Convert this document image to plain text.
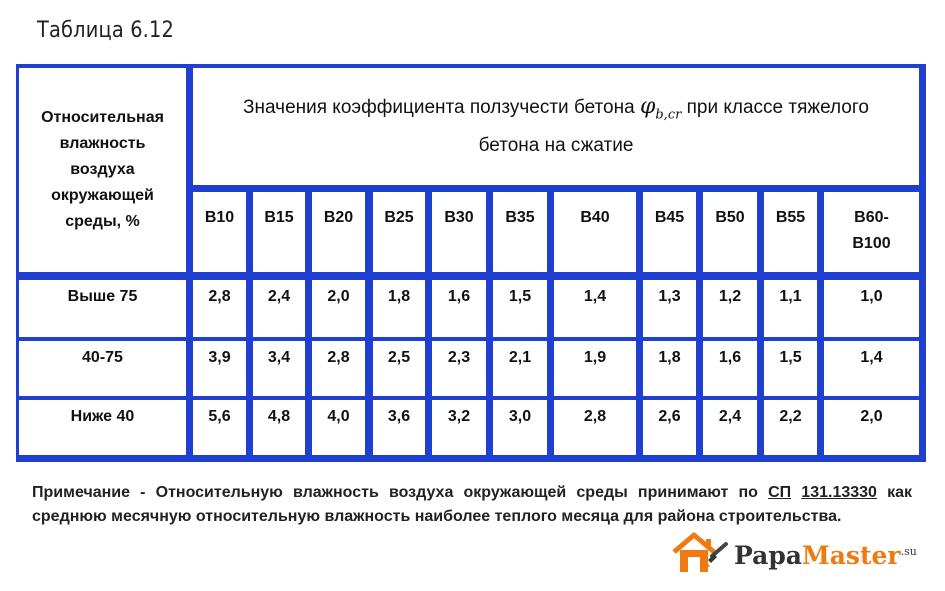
Таблица 6.12
Относительная
влажность
воздуха
окружающей
среды, %
Значения коэффициента ползучести бетона $\varphi_{b,cr}$ при классе тяжелого
бетона на сжатие
B10	B15	B20	B25	B30	B35	B40	B45	B50	B55	B60-
B100
Выше 75	2,8	2,4	2,0	1,8	1,6	1,5	1,4	1,3	1,2	1,1	1,0
40-75	3,9	3,4	2,8	2,5	2,3	2,1	1,9	1,8	1,6	1,5	1,4
Ниже 40	5,6	4,8	4,0	3,6	3,2	3,0	2,8	2,6	2,4	2,2	2,0
Примечание - Относительную влажность воздуха окружающей среды принимают по СП 131.13330 как среднюю месячную относительную влажность наиболее теплого месяца для района строительства.
PapaMaster$^{.su}$
